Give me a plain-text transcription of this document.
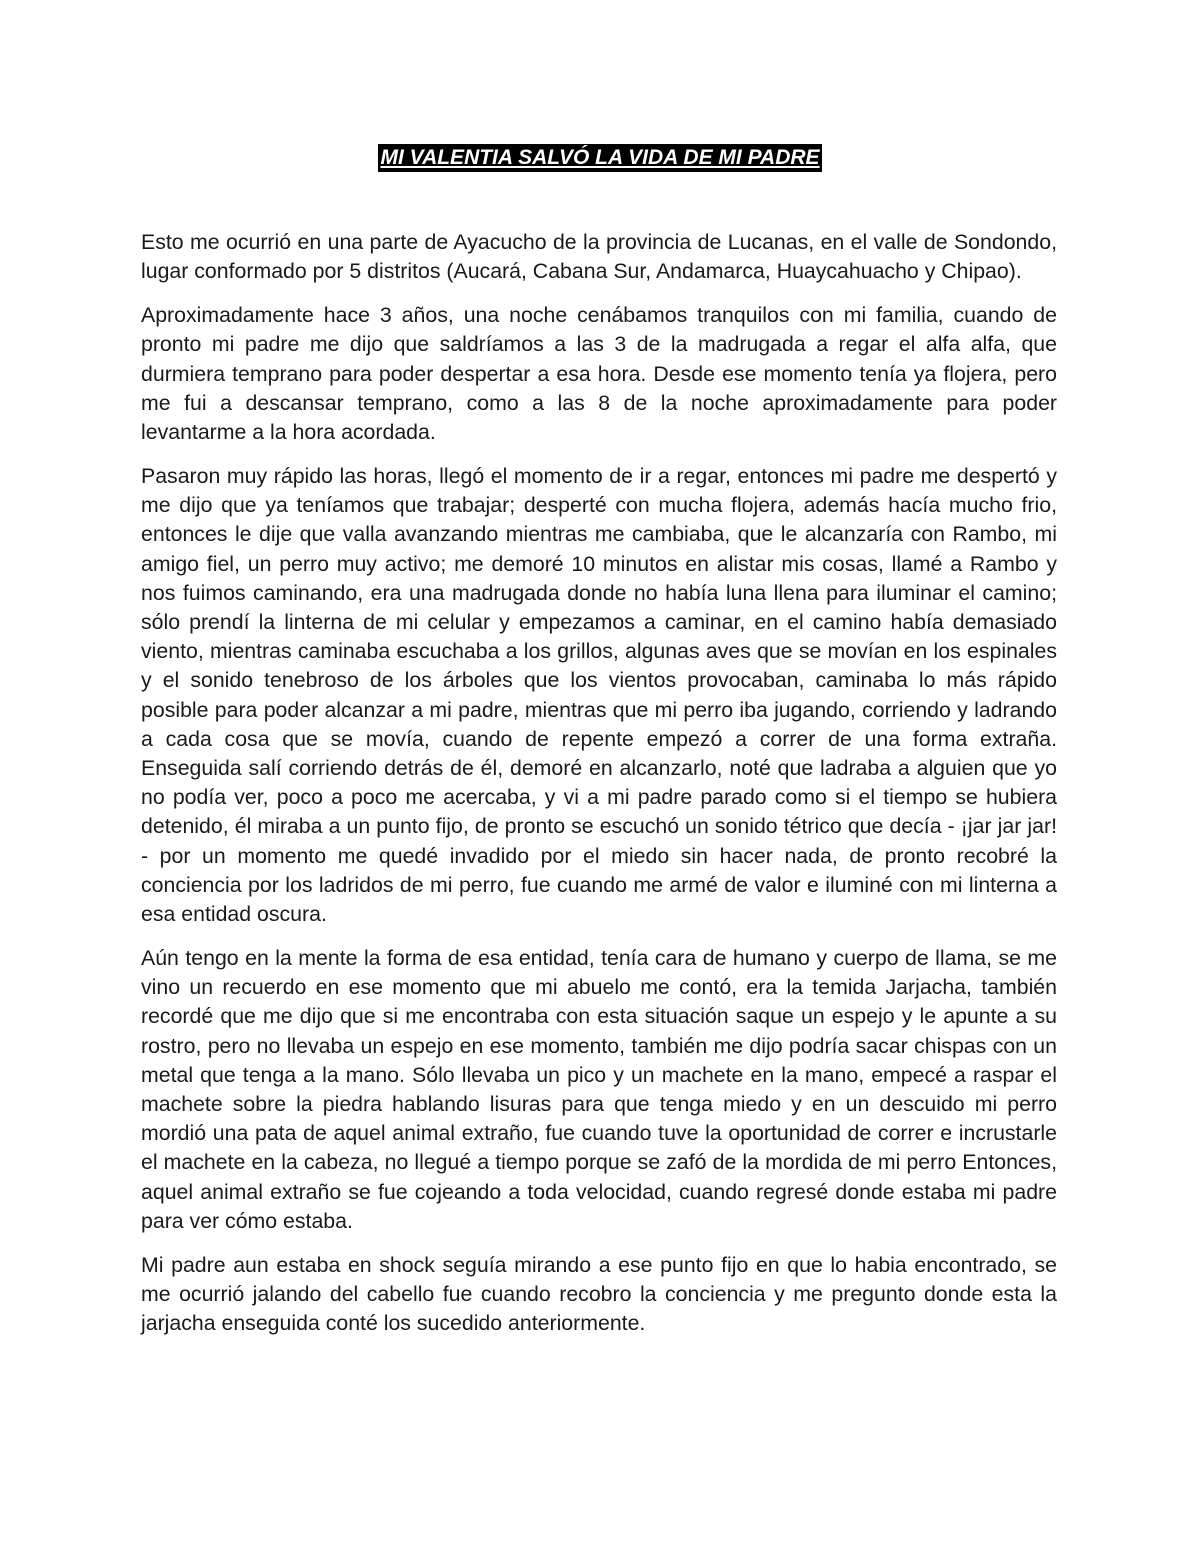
MI VALENTIA SALVÓ LA VIDA DE MI PADRE

Esto me ocurrió en una parte de Ayacucho de la provincia de Lucanas, en el valle de Sondondo, lugar conformado por 5 distritos (Aucará, Cabana Sur, Andamarca, Huaycahuacho y Chipao).

Aproximadamente hace 3 años, una noche cenábamos tranquilos con mi familia, cuando de pronto mi padre me dijo que saldríamos a las 3 de la madrugada a regar el alfa alfa, que durmiera temprano para poder despertar a esa hora. Desde ese momento tenía ya flojera, pero me fui a descansar temprano, como a las 8 de la noche aproximadamente para poder levantarme a la hora acordada.

Pasaron muy rápido las horas, llegó el momento de ir a regar, entonces mi padre me despertó y me dijo que ya teníamos que trabajar; desperté con mucha flojera, además hacía mucho frio, entonces le dije que valla avanzando mientras me cambiaba, que le alcanzaría con Rambo, mi amigo fiel, un perro muy activo; me demoré 10 minutos en alistar mis cosas, llamé a Rambo y nos fuimos caminando, era una madrugada donde no había luna llena para iluminar el camino; sólo prendí la linterna de mi celular y empezamos a caminar, en el camino había demasiado viento, mientras caminaba escuchaba a los grillos, algunas aves que se movían en los espinales y el sonido tenebroso de los árboles que los vientos provocaban, caminaba lo más rápido posible para poder alcanzar a mi padre, mientras que mi perro iba jugando, corriendo y ladrando a cada cosa que se movía, cuando de repente empezó a correr de una forma extraña. Enseguida salí corriendo detrás de él, demoré en alcanzarlo, noté que ladraba a alguien que yo no podía ver, poco a poco me acercaba, y vi a mi padre parado como si el tiempo se hubiera detenido, él miraba a un punto fijo, de pronto se escuchó un sonido tétrico que decía - ¡jar jar jar! - por un momento me quedé invadido por el miedo sin hacer nada, de pronto recobré la conciencia por los ladridos de mi perro, fue cuando me armé de valor e iluminé con mi linterna a esa entidad oscura.

Aún tengo en la mente la forma de esa entidad, tenía cara de humano y cuerpo de llama, se me vino un recuerdo en ese momento que mi abuelo me contó, era la temida Jarjacha, también recordé que me dijo que si me encontraba con esta situación saque un espejo y le apunte a su rostro, pero no llevaba un espejo en ese momento, también me dijo podría sacar chispas con un metal que tenga a la mano. Sólo llevaba un pico y un machete en la mano, empecé a raspar el machete sobre la piedra hablando lisuras para que tenga miedo y en un descuido mi perro mordió una pata de aquel animal extraño, fue cuando tuve la oportunidad de correr e incrustarle el machete en la cabeza, no llegué a tiempo porque se zafó de la mordida de mi perro Entonces, aquel animal extraño se fue cojeando a toda velocidad, cuando regresé donde estaba mi padre para ver cómo estaba.

Mi padre aun estaba en shock seguía mirando a ese punto fijo en que lo habia encontrado, se me ocurrió jalando del cabello fue cuando recobro la conciencia y me pregunto donde esta la jarjacha enseguida conté los sucedido anteriormente.
